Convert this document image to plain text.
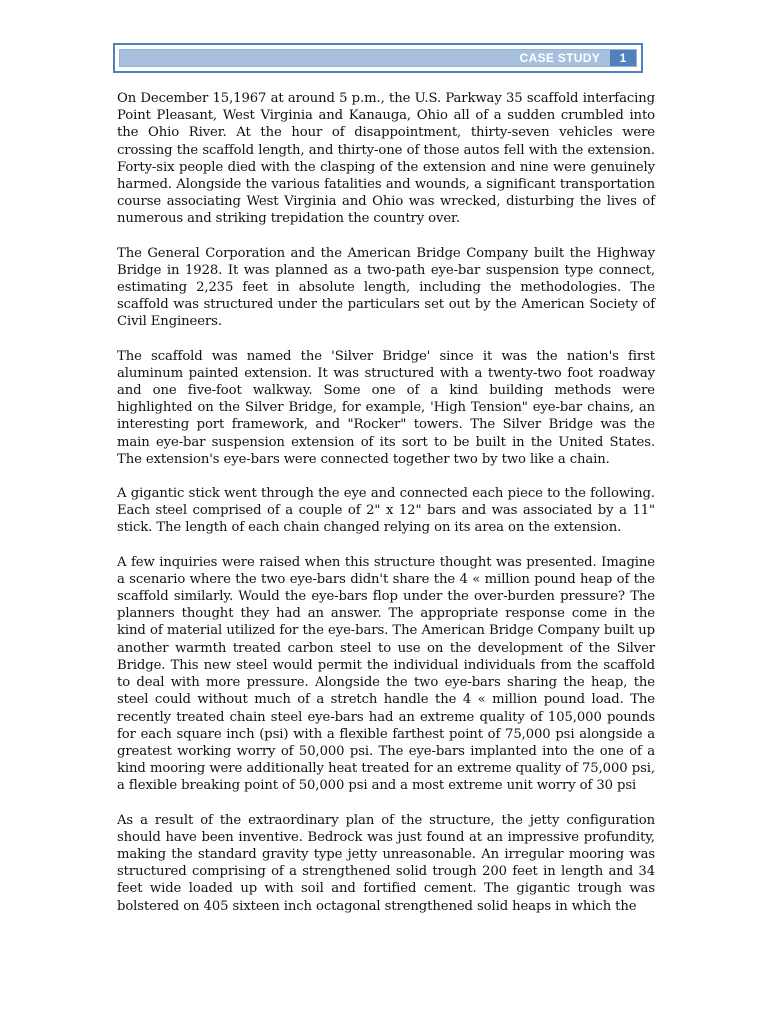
CASE STUDY	1

On December 15,1967 at around 5 p.m., the U.S. Parkway 35 scaffold interfacing Point Pleasant, West Virginia and Kanauga, Ohio all of a sudden crumbled into the Ohio River. At the hour of disappointment, thirty-seven vehicles were crossing the scaffold length, and thirty-one of those autos fell with the extension. Forty-six people died with the clasping of the extension and nine were genuinely harmed. Alongside the various fatalities and wounds, a significant transportation course associating West Virginia and Ohio was wrecked, disturbing the lives of numerous and striking trepidation the country over.

The General Corporation and the American Bridge Company built the Highway Bridge in 1928. It was planned as a two-path eye-bar suspension type connect, estimating 2,235 feet in absolute length, including the methodologies. The scaffold was structured under the particulars set out by the American Society of Civil Engineers.

The scaffold was named the 'Silver Bridge' since it was the nation's first aluminum painted extension. It was structured with a twenty-two foot roadway and one five-foot walkway. Some one of a kind building methods were highlighted on the Silver Bridge, for example, 'High Tension" eye-bar chains, an interesting port framework, and "Rocker" towers. The Silver Bridge was the main eye-bar suspension extension of its sort to be built in the United States. The extension's eye-bars were connected together two by two like a chain.

A gigantic stick went through the eye and connected each piece to the following. Each steel comprised of a couple of 2" x 12" bars and was associated by a 11" stick. The length of each chain changed relying on its area on the extension.

A few inquiries were raised when this structure thought was presented. Imagine a scenario where the two eye-bars didn't share the 4 « million pound heap of the scaffold similarly. Would the eye-bars flop under the over-burden pressure? The planners thought they had an answer. The appropriate response come in the kind of material utilized for the eye-bars. The American Bridge Company built up another warmth treated carbon steel to use on the development of the Silver Bridge. This new steel would permit the individual individuals from the scaffold to deal with more pressure. Alongside the two eye-bars sharing the heap, the steel could without much of a stretch handle the 4 « million pound load. The recently treated chain steel eye-bars had an extreme quality of 105,000 pounds for each square inch (psi) with a flexible farthest point of 75,000 psi alongside a greatest working worry of 50,000 psi. The eye-bars implanted into the one of a kind mooring were additionally heat treated for an extreme quality of 75,000 psi, a flexible breaking point of 50,000 psi and a most extreme unit worry of 30 psi

As a result of the extraordinary plan of the structure, the jetty configuration should have been inventive. Bedrock was just found at an impressive profundity, making the standard gravity type jetty unreasonable. An irregular mooring was structured comprising of a strengthened solid trough 200 feet in length and 34 feet wide loaded up with soil and fortified cement. The gigantic trough was bolstered on 405 sixteen inch octagonal strengthened solid heaps in which the
